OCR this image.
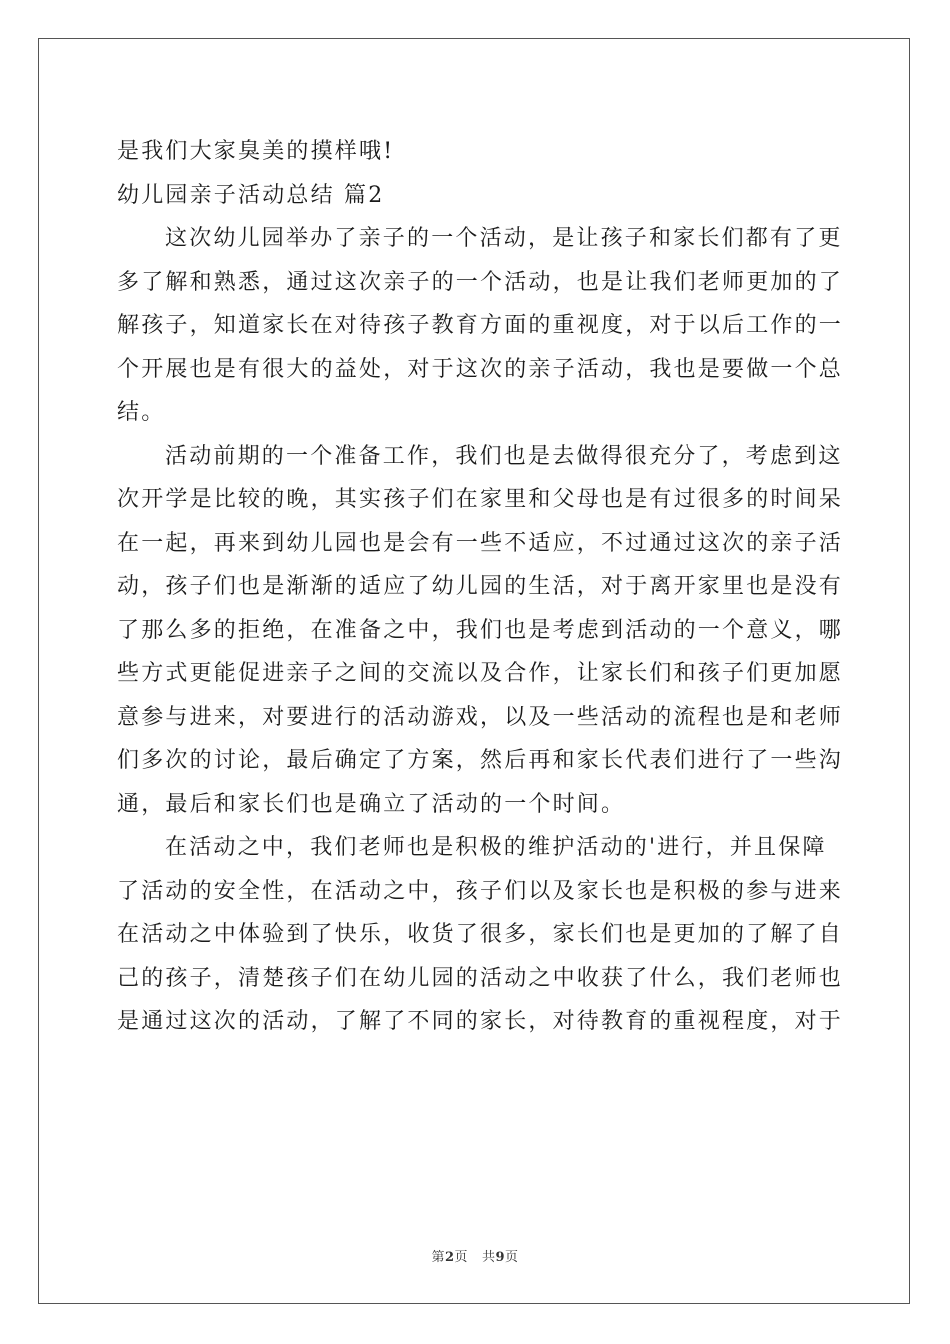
是我们大家臭美的摸样哦!
幼儿园亲子活动总结 篇2
这次幼儿园举办了亲子的一个活动，是让孩子和家长们都有了更
多了解和熟悉，通过这次亲子的一个活动，也是让我们老师更加的了
解孩子，知道家长在对待孩子教育方面的重视度，对于以后工作的一
个开展也是有很大的益处，对于这次的亲子活动，我也是要做一个总
结。
活动前期的一个准备工作，我们也是去做得很充分了，考虑到这
次开学是比较的晚，其实孩子们在家里和父母也是有过很多的时间呆
在一起，再来到幼儿园也是会有一些不适应，不过通过这次的亲子活
动，孩子们也是渐渐的适应了幼儿园的生活，对于离开家里也是没有
了那么多的拒绝，在准备之中，我们也是考虑到活动的一个意义，哪
些方式更能促进亲子之间的交流以及合作，让家长们和孩子们更加愿
意参与进来，对要进行的活动游戏，以及一些活动的流程也是和老师
们多次的讨论，最后确定了方案，然后再和家长代表们进行了一些沟
通，最后和家长们也是确立了活动的一个时间。
在活动之中，我们老师也是积极的维护活动的'进行，并且保障
了活动的安全性，在活动之中，孩子们以及家长也是积极的参与进来
在活动之中体验到了快乐，收货了很多，家长们也是更加的了解了自
己的孩子，清楚孩子们在幼儿园的活动之中收获了什么，我们老师也
是通过这次的活动，了解了不同的家长，对待教育的重视程度，对于
第2页 共9页
